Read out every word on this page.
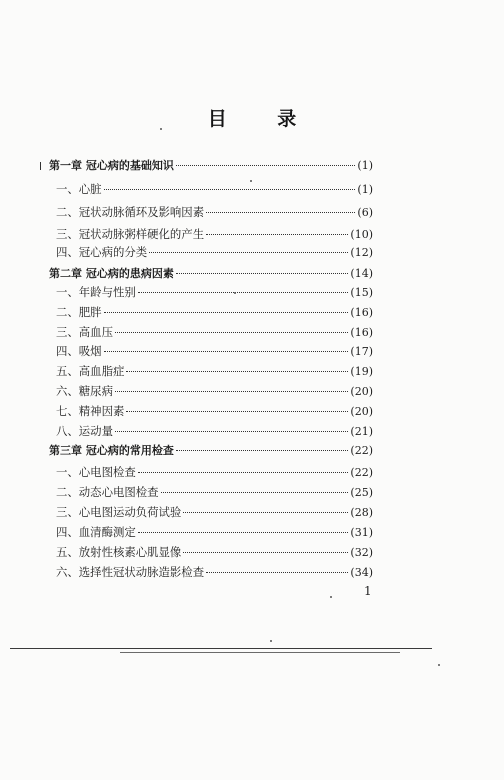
目 录
第一章 冠心病的基础知识	(1)
一、心脏	(1)
二、冠状动脉循环及影响因素	(6)
三、冠状动脉粥样硬化的产生	(10)
四、冠心病的分类	(12)
第二章 冠心病的患病因素	(14)
一、年龄与性别	(15)
二、肥胖	(16)
三、高血压	(16)
四、吸烟	(17)
五、高血脂症	(19)
六、糖尿病	(20)
七、精神因素	(20)
八、运动量	(21)
第三章 冠心病的常用检查	(22)
一、心电图检查	(22)
二、动态心电图检查	(25)
三、心电图运动负荷试验	(28)
四、血清酶测定	(31)
五、放射性核素心肌显像	(32)
六、选择性冠状动脉造影检查	(34)
1
